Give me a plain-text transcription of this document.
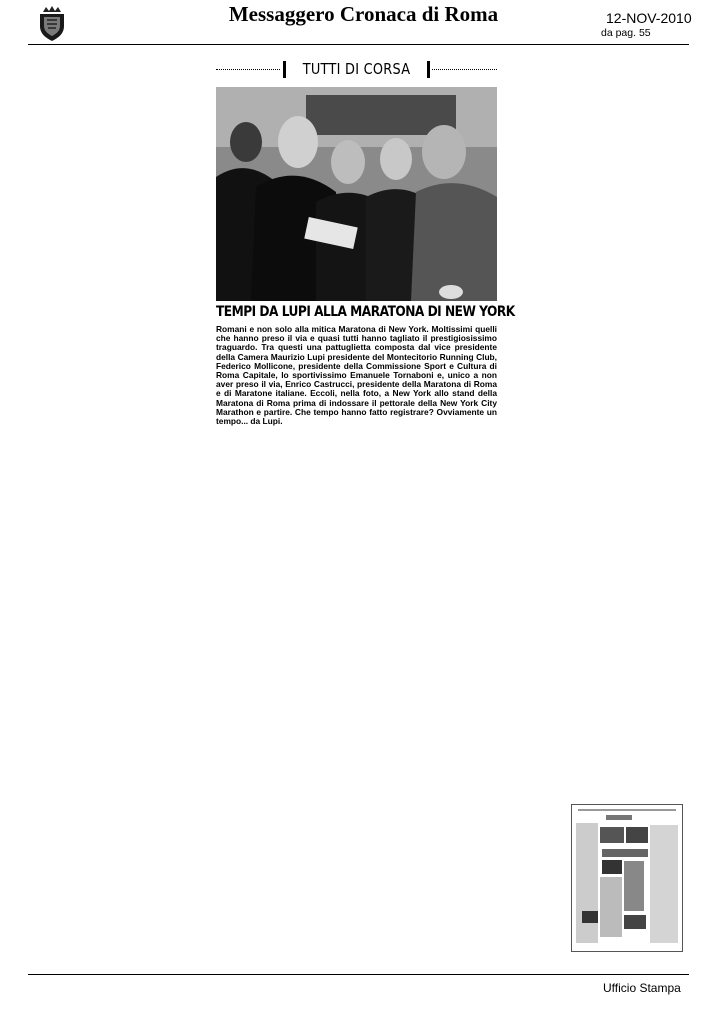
Messaggero Cronaca di Roma	12-NOV-2010
da pag. 55
TUTTI DI CORSA
TEMPI DA LUPI ALLA MARATONA DI NEW YORK

Romani e non solo alla mitica Maratona di New York. Moltissimi quelli che hanno preso il via e quasi tutti hanno tagliato il prestigiosissimo traguardo. Tra questi una pattuglietta composta dal vice presidente della Camera Maurizio Lupi presidente del Montecitorio Running Club, Federico Mollicone, presidente della Commissione Sport e Cultura di Roma Capitale, lo sportivissimo Emanuele Tornaboni e, unico a non aver preso il via, Enrico Castrucci, presidente della Maratona di Roma e di Maratone italiane. Eccoli, nella foto, a New York allo stand della Maratona di Roma prima di indossare il pettorale della New York City Marathon e partire. Che tempo hanno fatto registrare? Ovviamente un tempo... da Lupi.

Ufficio Stampa
